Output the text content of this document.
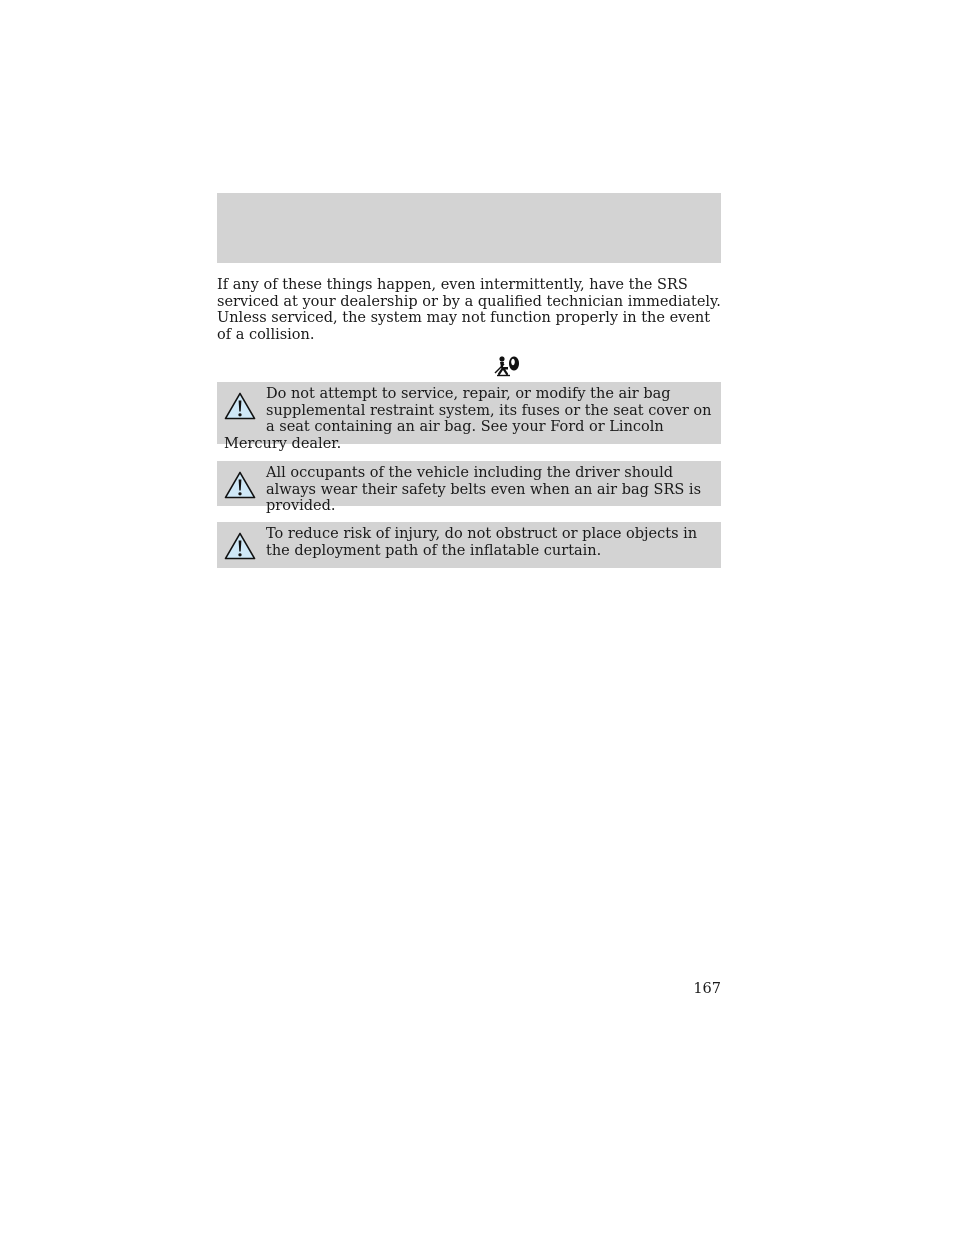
If any of these things happen, even intermittently, have the SRS serviced at your dealership or by a qualified technician immediately. Unless serviced, the system may not function properly in the event of a collision.

Do not attempt to service, repair, or modify the air bag supplemental restraint system, its fuses or the seat cover on a seat containing an air bag. See your Ford or Lincoln Mercury dealer.

All occupants of the vehicle including the driver should always wear their safety belts even when an air bag SRS is provided.

To reduce risk of injury, do not obstruct or place objects in the deployment path of the inflatable curtain.

167
